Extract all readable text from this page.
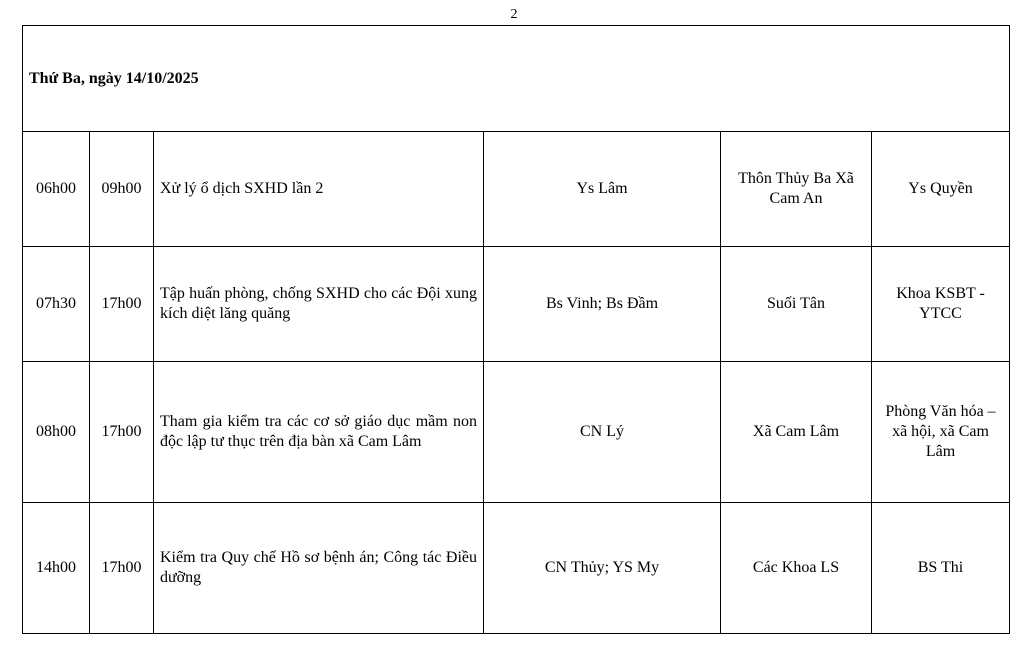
2
Thứ Ba, ngày 14/10/2025					
06h00	09h00	Xử lý ổ dịch SXHD lần 2	Ys Lâm	Thôn Thủy Ba Xã Cam An	Ys Quyền
07h30	17h00	Tập huấn phòng, chống SXHD cho các Đội xung kích diệt lăng quăng	Bs Vinh; Bs Đầm	Suối Tân	Khoa KSBT - YTCC
08h00	17h00	Tham gia kiểm tra các cơ sở giáo dục mầm non độc lập tư thục trên địa bàn xã Cam Lâm	CN Lý	Xã Cam Lâm	Phòng Văn hóa – xã hội, xã Cam Lâm
14h00	17h00	Kiểm tra Quy chế Hồ sơ bệnh án; Công tác Điều dưỡng	CN Thủy; YS My	Các Khoa LS	BS Thi
